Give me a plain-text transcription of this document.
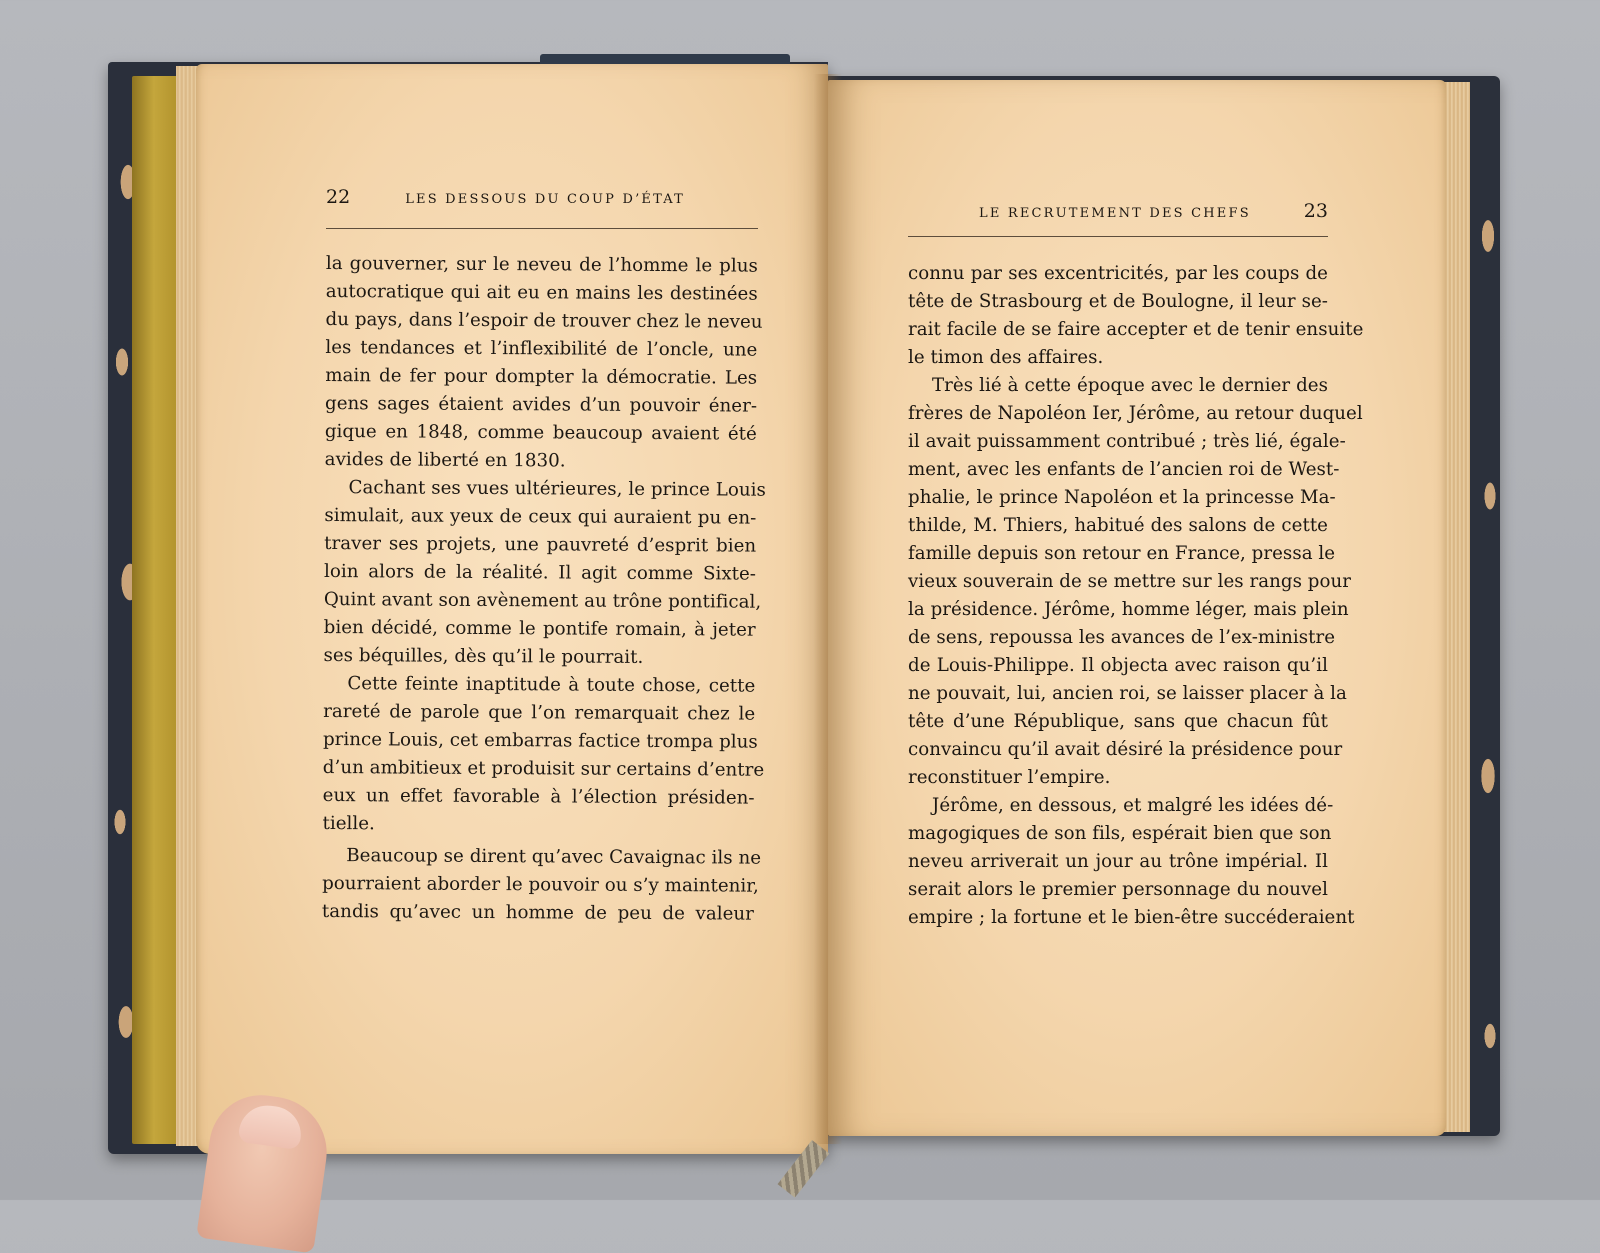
22	LES DESSOUS DU COUP D’ÉTAT
la gouverner, sur le neveu de l’homme le plus
autocratique qui ait eu en mains les destinées
du pays, dans l’espoir de trouver chez le neveu
les tendances et l’inflexibilité de l’oncle, une
main de fer pour dompter la démocratie. Les
gens sages étaient avides d’un pouvoir éner-
gique en 1848, comme beaucoup avaient été
avides de liberté en 1830.
Cachant ses vues ultérieures, le prince Louis
simulait, aux yeux de ceux qui auraient pu en-
traver ses projets, une pauvreté d’esprit bien
loin alors de la réalité. Il agit comme Sixte-
Quint avant son avènement au trône pontifical,
bien décidé, comme le pontife romain, à jeter
ses béquilles, dès qu’il le pourrait.
Cette feinte inaptitude à toute chose, cette
rareté de parole que l’on remarquait chez le
prince Louis, cet embarras factice trompa plus
d’un ambitieux et produisit sur certains d’entre
eux un effet favorable à l’élection présiden-
tielle.
Beaucoup se dirent qu’avec Cavaignac ils ne
pourraient aborder le pouvoir ou s’y maintenir,
tandis qu’avec un homme de peu de valeur
LE RECRUTEMENT DES CHEFS	23
connu par ses excentricités, par les coups de
tête de Strasbourg et de Boulogne, il leur se-
rait facile de se faire accepter et de tenir ensuite
le timon des affaires.
Très lié à cette époque avec le dernier des
frères de Napoléon Ier, Jérôme, au retour duquel
il avait puissamment contribué ; très lié, égale-
ment, avec les enfants de l’ancien roi de West-
phalie, le prince Napoléon et la princesse Ma-
thilde, M. Thiers, habitué des salons de cette
famille depuis son retour en France, pressa le
vieux souverain de se mettre sur les rangs pour
la présidence. Jérôme, homme léger, mais plein
de sens, repoussa les avances de l’ex-ministre
de Louis-Philippe. Il objecta avec raison qu’il
ne pouvait, lui, ancien roi, se laisser placer à la
tête d’une République, sans que chacun fût
convaincu qu’il avait désiré la présidence pour
reconstituer l’empire.
Jérôme, en dessous, et malgré les idées dé-
magogiques de son fils, espérait bien que son
neveu arriverait un jour au trône impérial. Il
serait alors le premier personnage du nouvel
empire ; la fortune et le bien-être succéderaient
